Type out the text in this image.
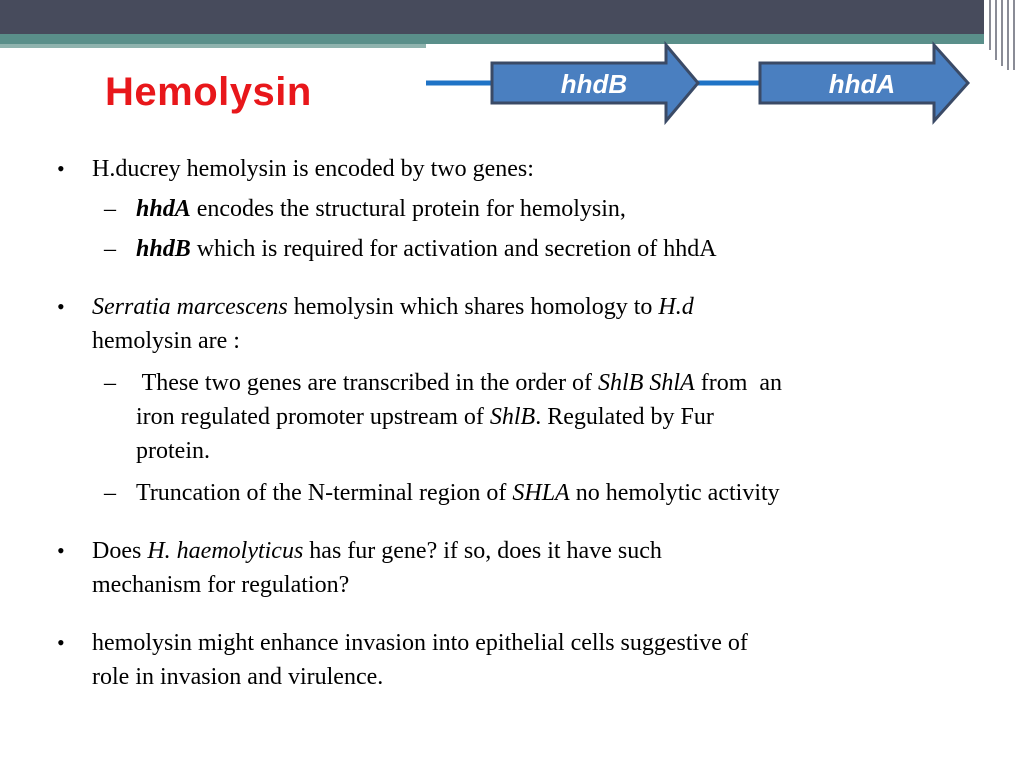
Hemolysin	hhdB	hhdA
• H.ducrey hemolysin is encoded by two genes:
– hhdA encodes the structural protein for hemolysin,
– hhdB which is required for activation and secretion of hhdA
• Serratia marcescens hemolysin which shares homology to H.d
hemolysin are :
– These two genes are transcribed in the order of ShlB ShlA from  an
iron regulated promoter upstream of ShlB. Regulated by Fur
protein.
– Truncation of the N-terminal region of SHLA no hemolytic activity
• Does H. haemolyticus has fur gene? if so, does it have such
mechanism for regulation?
• hemolysin might enhance invasion into epithelial cells suggestive of
role in invasion and virulence.
